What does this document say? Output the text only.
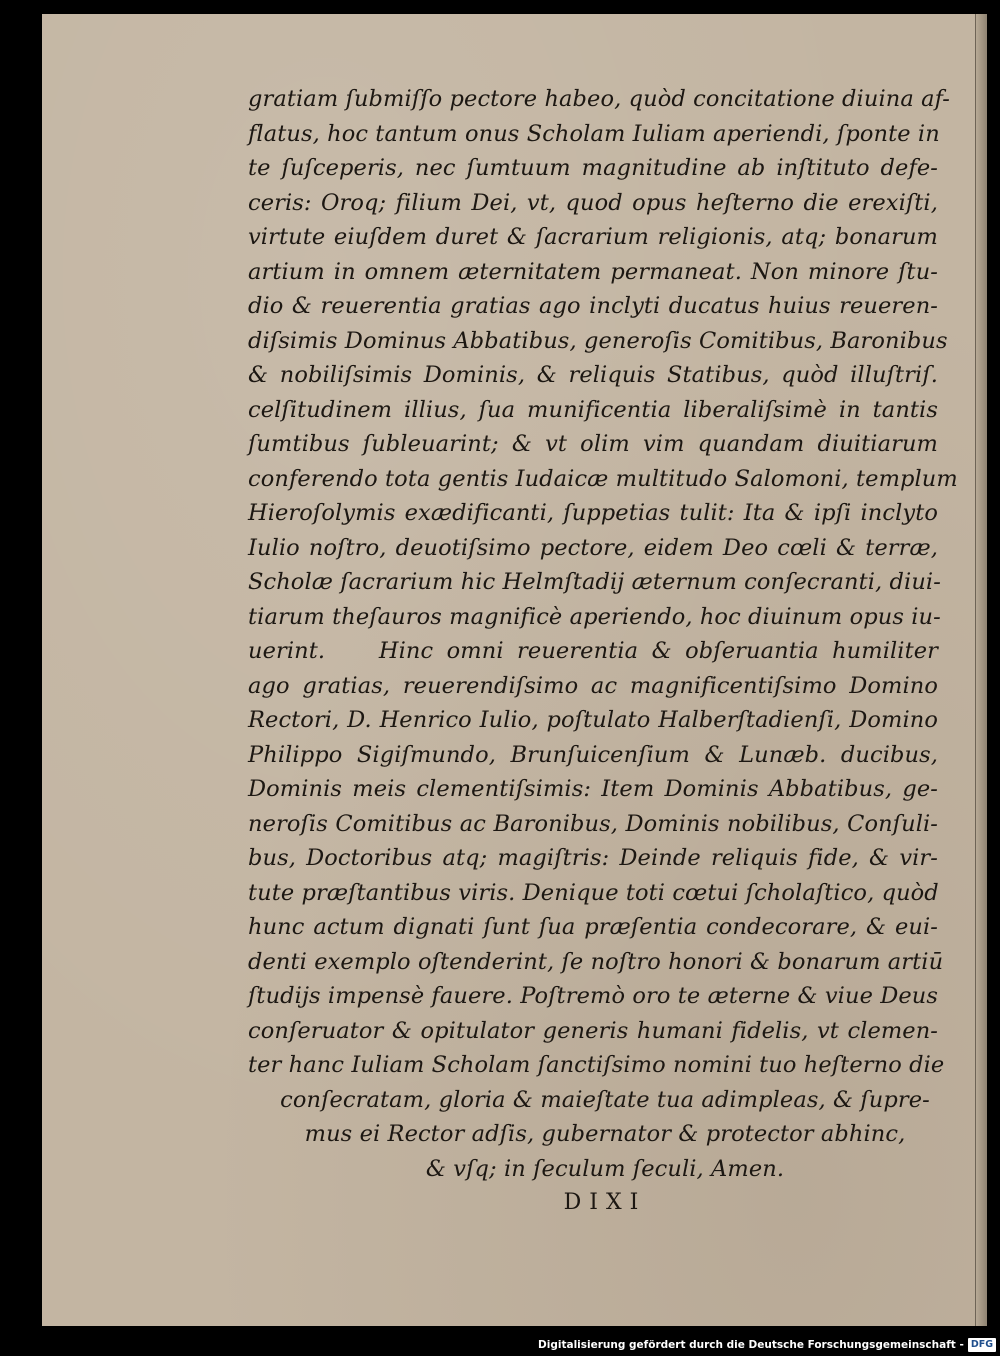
gratiam ſubmiſſo pectore habeo, quòd concitatione diuina af-
flatus, hoc tantum onus Scholam Iuliam aperiendi, ſponte in
te ſuſceperis, nec ſumtuum magnitudine ab inſtituto defe-
ceris: Oroq; filium Dei, vt, quod opus heſterno die erexiſti,
virtute eiuſdem duret & ſacrarium religionis, atq; bonarum
artium in omnem æternitatem permaneat. Non minore ſtu-
dio & reuerentia gratias ago inclyti ducatus huius reueren-
diſsimis Dominus Abbatibus, generoſis Comitibus, Baronibus
& nobiliſsimis Dominis, & reliquis Statibus, quòd illuſtriſ.
celſitudinem illius, ſua munificentia liberaliſsimè in tantis
ſumtibus ſubleuarint; & vt olim vim quandam diuitiarum
conferendo tota gentis Iudaicæ multitudo Salomoni, templum
Hieroſolymis exædificanti, ſuppetias tulit: Ita & ipſi inclyto
Iulio noſtro, deuotiſsimo pectore, eidem Deo cœli & terræ,
Scholæ ſacrarium hic Helmſtadij æternum conſecranti, diui-
tiarum theſauros magnificè aperiendo, hoc diuinum opus iu-
uerint.    Hinc omni reuerentia & obſeruantia humiliter
ago gratias, reuerendiſsimo ac magnificentiſsimo Domino
Rectori, D. Henrico Iulio, poſtulato Halberſtadienſi, Domino
Philippo Sigiſmundo, Brunſuicenſium & Lunæb. ducibus,
Dominis meis clementiſsimis: Item Dominis Abbatibus, ge-
neroſis Comitibus ac Baronibus, Dominis nobilibus, Conſuli-
bus, Doctoribus atq; magiſtris: Deinde reliquis fide, & vir-
tute præſtantibus viris. Denique toti cœtui ſcholaſtico, quòd
hunc actum dignati ſunt ſua præſentia condecorare, & eui-
denti exemplo oſtenderint, ſe noſtro honori & bonarum artiū
ſtudijs impensè fauere. Poſtremò oro te æterne & viue Deus
conſeruator & opitulator generis humani fidelis, vt clemen-
ter hanc Iuliam Scholam ſanctiſsimo nomini tuo heſterno die
conſecratam, gloria & maieſtate tua adimpleas, & ſupre-
mus ei Rector adſis, gubernator & protector abhinc,
& vſq; in ſeculum ſeculi, Amen.
DIXI
Digitalisierung gefördert durch die Deutsche Forschungsgemeinschaft - DFG
